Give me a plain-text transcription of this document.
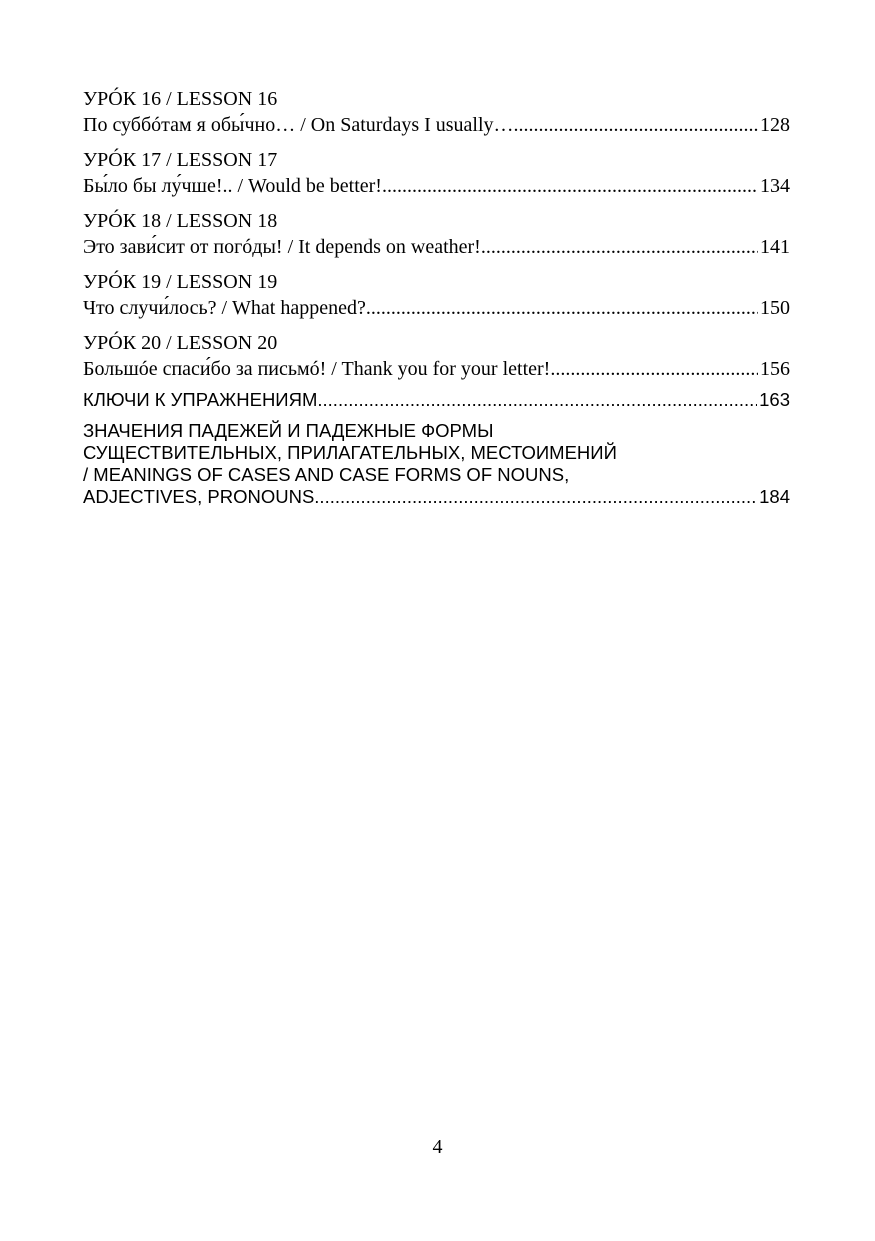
УРÓК 16 / LESSON 16
По суббóтам я обы́чно… / On Saturdays I usually… .....	128
УРÓК 17 / LESSON 17
Бы́ло бы лу́чше!.. / Would be better!.. .....	134
УРÓК 18 / LESSON 18
Это зави́сит от погóды! / It depends on weather! .....	141
УРÓК 19 / LESSON 19
Что случи́лось? / What happened? .....	150
УРÓК 20 / LESSON 20
Большóе спаси́бо за письмó! / Thank you for your letter! .....	156
КЛЮЧИ К УПРАЖНЕНИЯМ .....	163
ЗНАЧЕНИЯ ПАДЕЖЕЙ И ПАДЕЖНЫЕ ФОРМЫ
СУЩЕСТВИТЕЛЬНЫХ, ПРИЛАГАТЕЛЬНЫХ, МЕСТОИМЕНИЙ
/ MEANINGS OF CASES AND CASE FORMS OF NOUNS,
ADJECTIVES, PRONOUNS .....	184
4
